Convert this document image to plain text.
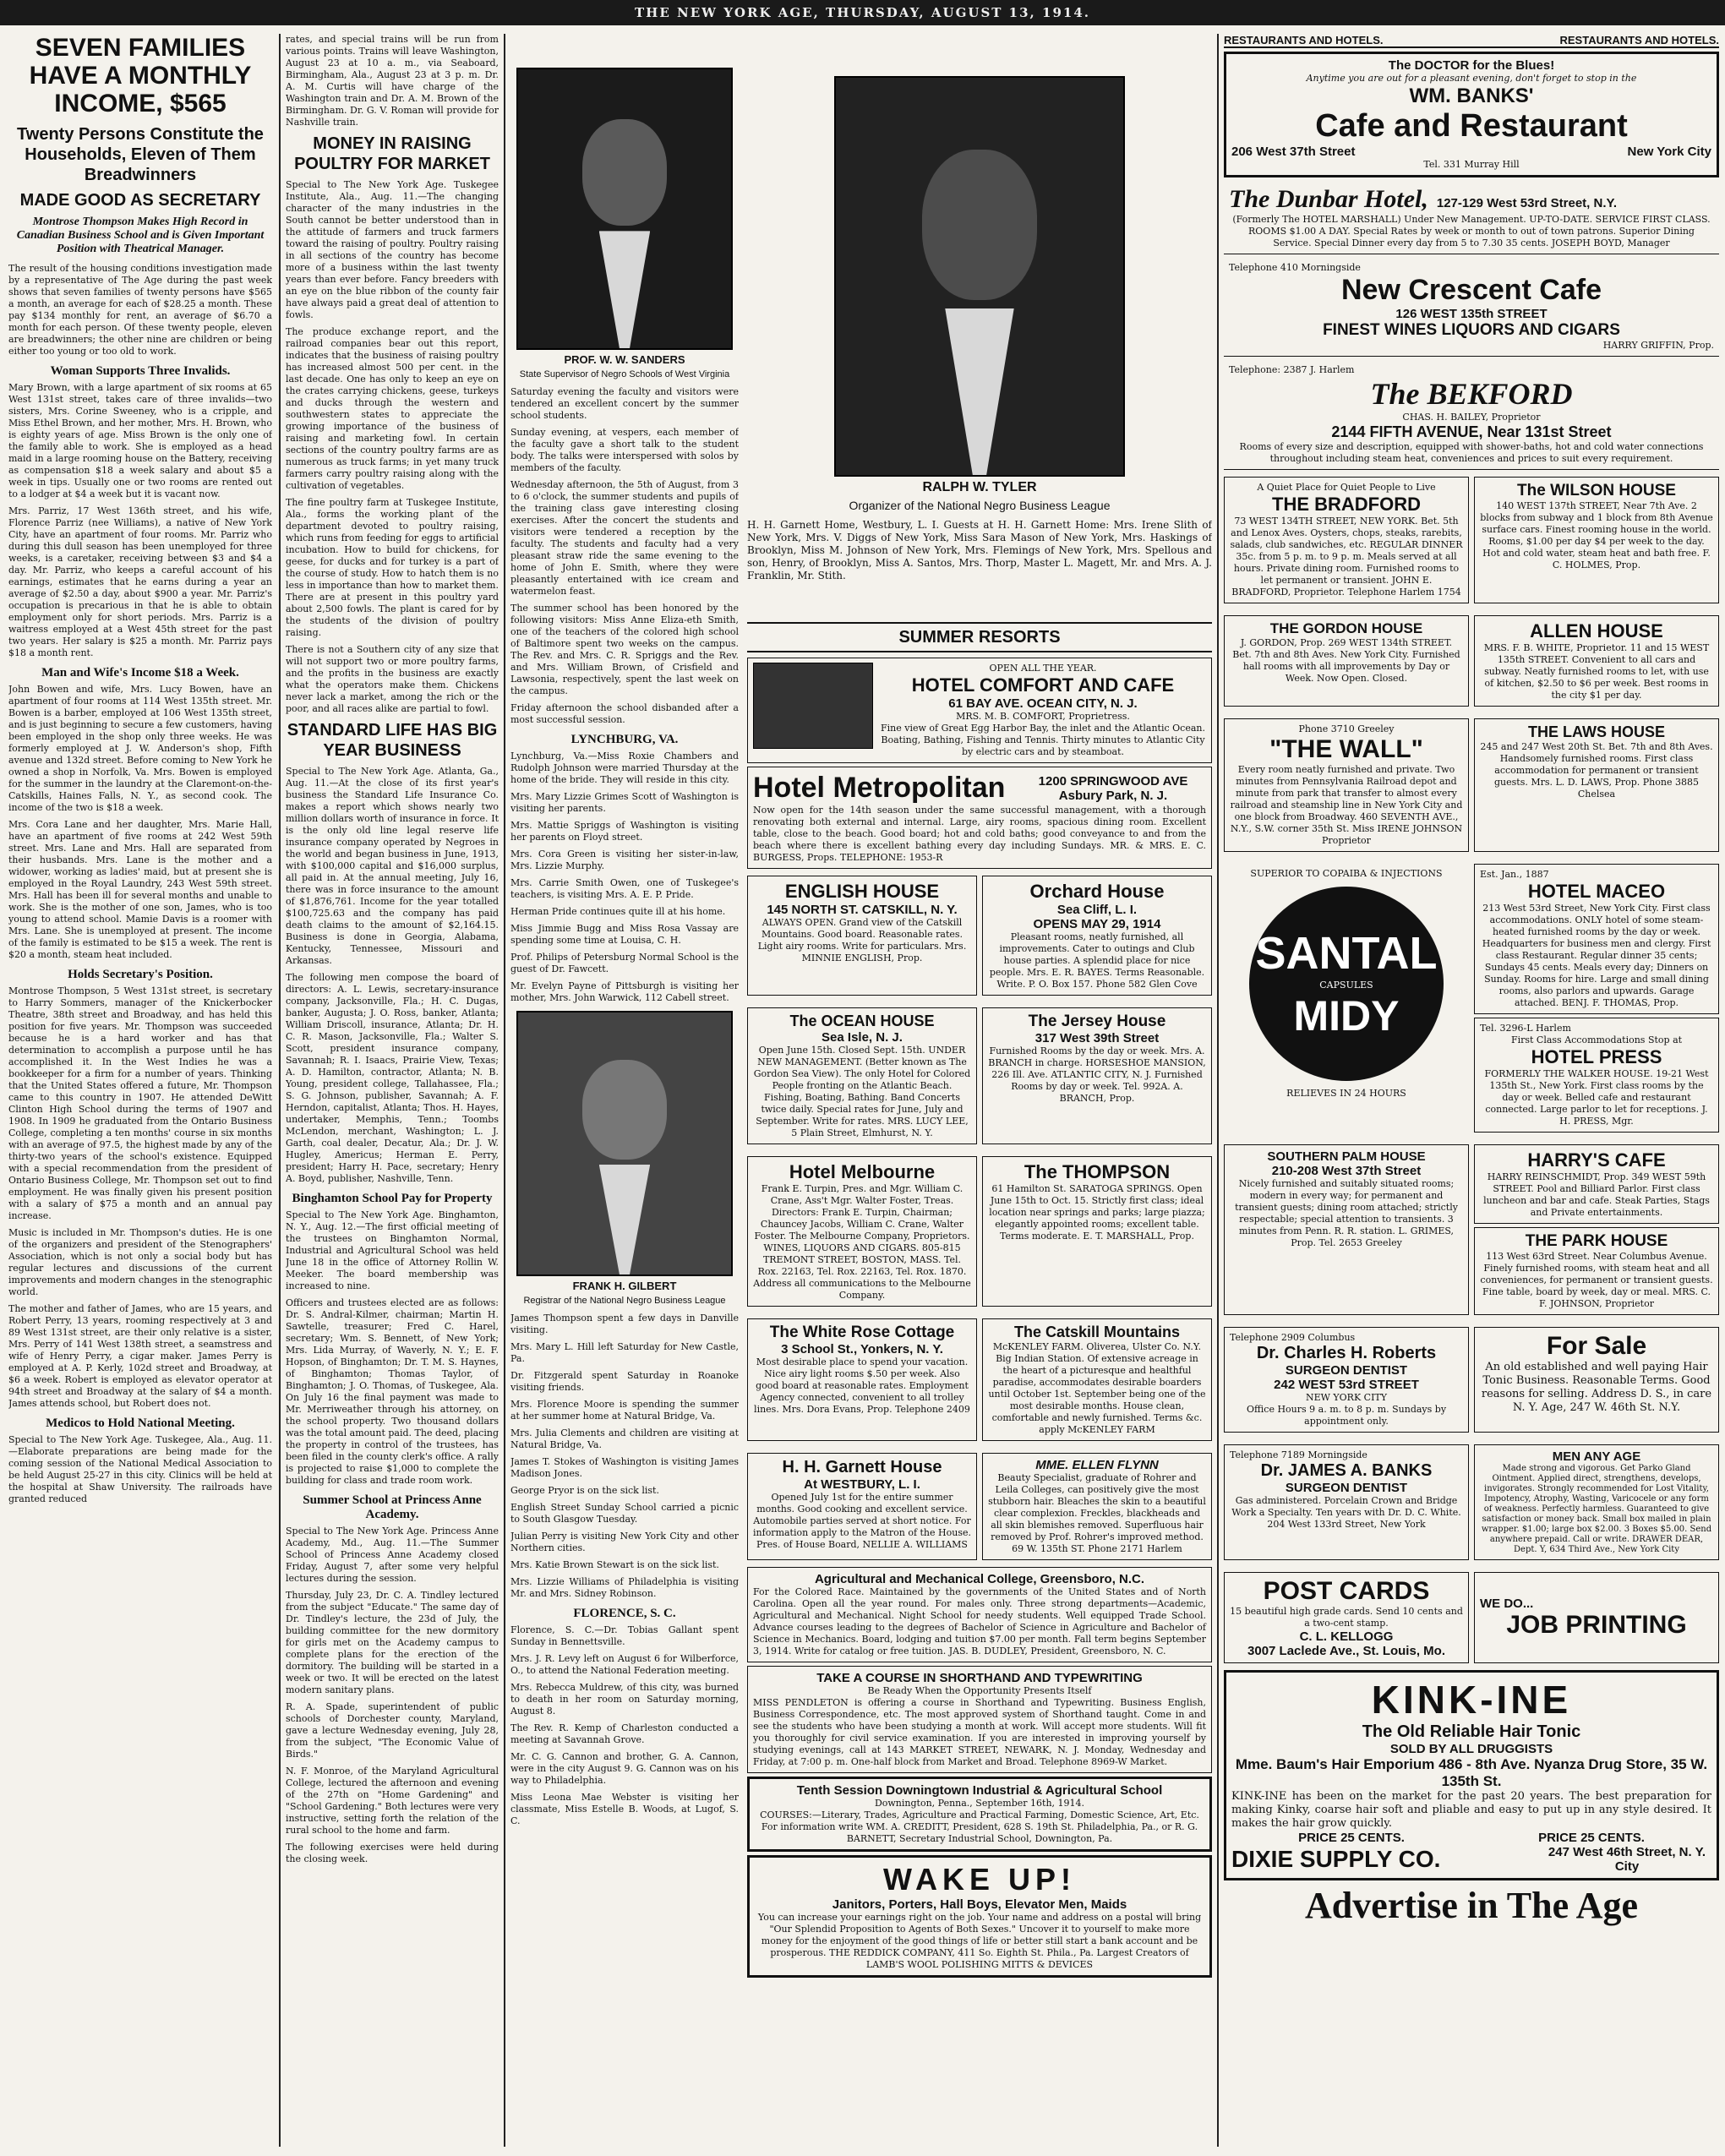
THE NEW YORK AGE, THURSDAY, AUGUST 13, 1914.
SEVEN FAMILIES HAVE A MONTHLY INCOME, $565
Twenty Persons Constitute the Households, Eleven of Them Breadwinners
MADE GOOD AS SECRETARY
Montrose Thompson Makes High Record in Canadian Business School and is Given Important Position with Theatrical Manager.

The result of the housing conditions investigation made by a representative of The Age during the past week shows that seven families of twenty persons have $565 a month, an average for each of $28.25 a month. These pay $134 monthly for rent, an average of $6.70 a month for each person. Of these twenty people, eleven are breadwinners; the other nine are children or being either too young or too old to work.

Woman Supports Three Invalids.

Mary Brown, with a large apartment of six rooms at 65 West 131st street, takes care of three invalids—two sisters, Mrs. Corine Sweeney, who is a cripple, and Miss Ethel Brown, and her mother, Mrs. H. Brown, who is eighty years of age. Miss Brown is the only one of the family able to work. She is employed as a head maid in a large rooming house on the Battery, receiving as compensation $18 a week salary and about $5 a week in tips. Usually one or two rooms are rented out to a lodger at $4 a week but it is vacant now.

Mrs. Parriz, 17 West 136th street, and his wife, Florence Parriz (nee Williams), a native of New York City, have an apartment of four rooms. Mr. Parriz who during this dull season has been unemployed for three weeks, is a caretaker, receiving between $3 and $4 a day. Mr. Parriz, who keeps a careful account of his earnings, estimates that he earns during a year an average of $2.50 a day, about $900 a year. Mr. Parriz's occupation is precarious in that he is able to obtain employment only for short periods. Mrs. Parriz is a waitress employed at a West 45th street for the past two years. Her salary is $25 a month. Mr. Parriz pays $18 a month rent.

Man and Wife's Income $18 a Week.

John Bowen and wife, Mrs. Lucy Bowen, have an apartment of four rooms at 114 West 135th street. Mr. Bowen is a barber, employed at 106 West 135th street, and is just beginning to secure a few customers, having been employed in the shop only three weeks. He was formerly employed at J. W. Anderson's shop, Fifth avenue and 132d street. Before coming to New York he owned a shop in Norfolk, Va. Mrs. Bowen is employed for the summer in the laundry at the Claremont-on-the-Catskills, Haines Falls, N. Y., as second cook. The income of the two is $18 a week.

Mrs. Cora Lane and her daughter, Mrs. Marie Hall, have an apartment of five rooms at 242 West 59th street. Mrs. Lane and Mrs. Hall are separated from their husbands. Mrs. Lane is the mother and a widower, working as ladies' maid, but at present she is employed in the Royal Laundry, 243 West 59th street. Mrs. Hall has been ill for several months and unable to work. She is the mother of one son, James, who is too young to attend school. Mamie Davis is a roomer with Mrs. Lane. She is unemployed at present. The income of the family is estimated to be $15 a week. The rent is $20 a month, steam heat included.

Holds Secretary's Position.

Montrose Thompson, 5 West 131st street, is secretary to Harry Sommers, manager of the Knickerbocker Theatre, 38th street and Broadway, and has held this position for five years. Mr. Thompson was succeeded because he is a hard worker and has that determination to accomplish a purpose until he has accomplished it. In the West Indies he was a bookkeeper for a firm for a number of years. Thinking that the United States offered a future, Mr. Thompson came to this country in 1907. He attended DeWitt Clinton High School during the terms of 1907 and 1908. In 1909 he graduated from the Ontario Business College, completing a ten months' course in six months with an average of 97.5, the highest made by any of the thirty-two years of the school's existence. Equipped with a special recommendation from the president of Ontario Business College, Mr. Thompson set out to find employment. He was finally given his present position with a salary of $75 a month and an annual pay increase.

Music is included in Mr. Thompson's duties. He is one of the organizers and president of the Stenographers' Association, which is not only a social body but has regular lectures and discussions of the current improvements and modern changes in the stenographic world.

The mother and father of James, who are 15 years, and Robert Perry, 13 years, rooming respectively at 3 and 89 West 131st street, are their only relative is a sister, Mrs. Perry of 141 West 138th street, a seamstress and wife of Henry Perry, a cigar maker. James Perry is employed at A. P. Kerly, 102d street and Broadway, at $6 a week. Robert is employed as elevator operator at 94th street and Broadway at the salary of $4 a month. James attends school, but Robert does not.

Medicos to Hold National Meeting.

Special to The New York Age. Tuskegee, Ala., Aug. 11.—Elaborate preparations are being made for the coming session of the National Medical Association to be held August 25-27 in this city. Clinics will be held at the hospital at Shaw University. The railroads have granted reduced

rates, and special trains will be run from various points. Trains will leave Washington, August 23 at 10 a. m., via Seaboard, Birmingham, Ala., August 23 at 3 p. m. Dr. A. M. Curtis will have charge of the Washington train and Dr. A. M. Brown of the Birmingham. Dr. G. V. Roman will provide for Nashville train.

MONEY IN RAISING POULTRY FOR MARKET

Special to The New York Age. Tuskegee Institute, Ala., Aug. 11.—The changing character of the many industries in the South cannot be better understood than in the attitude of farmers and truck farmers toward the raising of poultry. Poultry raising in all sections of the country has become more of a business within the last twenty years than ever before. Fancy breeders with an eye on the blue ribbon of the county fair have always paid a great deal of attention to fowls.

The produce exchange report, and the railroad companies bear out this report, indicates that the business of raising poultry has increased almost 500 per cent. in the last decade. One has only to keep an eye on the crates carrying chickens, geese, turkeys and ducks through the western and southwestern states to appreciate the growing importance of the business of raising and marketing fowl. In certain sections of the country poultry farms are as numerous as truck farms; in yet many truck farmers carry poultry raising along with the cultivation of vegetables.

The fine poultry farm at Tuskegee Institute, Ala., forms the working plant of the department devoted to poultry raising, which runs from feeding for eggs to artificial incubation. How to build for chickens, for geese, for ducks and for turkey is a part of the course of study. How to hatch them is no less in importance than how to market them. There are at present in this poultry yard about 2,500 fowls. The plant is cared for by the students of the division of poultry raising.

There is not a Southern city of any size that will not support two or more poultry farms, and the profits in the business are exactly what the operators make them. Chickens never lack a market, among the rich or the poor, and all races alike are partial to fowl.

STANDARD LIFE HAS BIG YEAR BUSINESS

Special to The New York Age. Atlanta, Ga., Aug. 11.—At the close of its first year's business the Standard Life Insurance Co. makes a report which shows nearly two million dollars worth of insurance in force. It is the only old line legal reserve life insurance company operated by Negroes in the world and began business in June, 1913, with $100,000 capital and $16,000 surplus, all paid in. At the annual meeting, July 16, there was in force insurance to the amount of $1,876,761. Income for the year totalled $100,725.63 and the company has paid death claims to the amount of $2,164.15. Business is done in Georgia, Alabama, Kentucky, Tennessee, Missouri and Arkansas.

The following men compose the board of directors: A. L. Lewis, secretary-insurance company, Jacksonville, Fla.; H. C. Dugas, banker, Augusta; J. O. Ross, banker, Atlanta; William Driscoll, insurance, Atlanta; Dr. H. C. R. Mason, Jacksonville, Fla.; Walter S. Scott, president insurance company, Savannah; R. I. Isaacs, Prairie View, Texas; A. D. Hamilton, contractor, Atlanta; N. B. Young, president college, Tallahassee, Fla.; S. G. Johnson, publisher, Savannah; A. F. Herndon, capitalist, Atlanta; Thos. H. Hayes, undertaker, Memphis, Tenn.; Toombs McLendon, merchant, Washington; L. J. Garth, coal dealer, Decatur, Ala.; Dr. J. W. Hugley, Americus; Herman E. Perry, president; Harry H. Pace, secretary; Henry A. Boyd, publisher, Nashville, Tenn.

Binghamton School Pay for Property

Special to The New York Age. Binghamton, N. Y., Aug. 12.—The first official meeting of the trustees on Binghamton Normal, Industrial and Agricultural School was held June 18 in the office of Attorney Rollin W. Meeker. The board membership was increased to nine.

Officers and trustees elected are as follows: Dr. S. Andral-Kilmer, chairman; Martin H. Sawtelle, treasurer; Fred C. Harel, secretary; Wm. S. Bennett, of New York; Mrs. Lida Murray, of Waverly, N. Y.; E. F. Hopson, of Binghamton; Dr. T. M. S. Haynes, of Binghamton; Thomas Taylor, of Binghamton; J. O. Thomas, of Tuskegee, Ala. On July 16 the final payment was made to Mr. Merriweather through his attorney, on the school property. Two thousand dollars was the total amount paid. The deed, placing the property in control of the trustees, has been filed in the county clerk's office. A rally is projected to raise $1,000 to complete the building for class and trade room work.

Summer School at Princess Anne Academy.

Special to The New York Age. Princess Anne Academy, Md., Aug. 11.—The Summer School of Princess Anne Academy closed Friday, August 7, after some very helpful lectures during the session.

Thursday, July 23, Dr. C. A. Tindley lectured from the subject "Educate." The same day of Dr. Tindley's lecture, the 23d of July, the building committee for the new dormitory for girls met on the Academy campus to complete plans for the erection of the dormitory. The building will be started in a week or two. It will be erected on the latest modern sanitary plans.

R. A. Spade, superintendent of public schools of Dorchester county, Maryland, gave a lecture Wednesday evening, July 28, from the subject, "The Economic Value of Birds."

N. F. Monroe, of the Maryland Agricultural College, lectured the afternoon and evening of the 27th on "Home Gardening" and "School Gardening." Both lectures were very instructive, setting forth the relation of the rural school to the home and farm.

The following exercises were held during the closing week.

PROF. W. W. SANDERS
State Supervisor of Negro Schools of West Virginia

Saturday evening the faculty and visitors were tendered an excellent concert by the summer school students.

Sunday evening, at vespers, each member of the faculty gave a short talk to the student body. The talks were interspersed with solos by members of the faculty.

Wednesday afternoon, the 5th of August, from 3 to 6 o'clock, the summer students and pupils of the training class gave interesting closing exercises. After the concert the students and visitors were tendered a reception by the faculty. The students and faculty had a very pleasant straw ride the same evening to the home of John E. Smith, where they were pleasantly entertained with ice cream and watermelon feast.

The summer school has been honored by the following visitors: Miss Anne Eliza-eth Smith, one of the teachers of the colored high school of Baltimore spent two weeks on the campus. The Rev. and Mrs. C. R. Spriggs and the Rev. and Mrs. William Brown, of Crisfield and Lawsonia, respectively, spent the last week on the campus.

Friday afternoon the school disbanded after a most successful session.

LYNCHBURG, VA.

Lynchburg, Va.—Miss Roxie Chambers and Rudolph Johnson were married Thursday at the home of the bride. They will reside in this city.

Mrs. Mary Lizzie Grimes Scott of Washington is visiting her parents.

Mrs. Mattie Spriggs of Washington is visiting her parents on Floyd street.

Mrs. Cora Green is visiting her sister-in-law, Mrs. Lizzie Murphy.

Mrs. Carrie Smith Owen, one of Tuskegee's teachers, is visiting Mrs. A. E. P. Pride.

Herman Pride continues quite ill at his home.

Miss Jimmie Bugg and Miss Rosa Vassay are spending some time at Louisa, C. H.

Prof. Philips of Petersburg Normal School is the guest of Dr. Fawcett.

Mr. Evelyn Payne of Pittsburgh is visiting her mother, Mrs. John Warwick, 112 Cabell street.

FRANK H. GILBERT
Registrar of the National Negro Business League

James Thompson spent a few days in Danville visiting.

Mrs. Mary L. Hill left Saturday for New Castle, Pa.

Dr. Fitzgerald spent Saturday in Roanoke visiting friends.

Mrs. Florence Moore is spending the summer at her summer home at Natural Bridge, Va.

Mrs. Julia Clements and children are visiting at Natural Bridge, Va.

James T. Stokes of Washington is visiting James Madison Jones.

George Pryor is on the sick list.

English Street Sunday School carried a picnic to South Glasgow Tuesday.

Julian Perry is visiting New York City and other Northern cities.

Mrs. Katie Brown Stewart is on the sick list.

Mrs. Lizzie Williams of Philadelphia is visiting Mr. and Mrs. Sidney Robinson.

FLORENCE, S. C.

Florence, S. C.—Dr. Tobias Gallant spent Sunday in Bennettsville.

Mrs. J. R. Levy left on August 6 for Wilberforce, O., to attend the National Federation meeting.

Mrs. Rebecca Muldrew, of this city, was burned to death in her room on Saturday morning, August 8.

The Rev. R. Kemp of Charleston conducted a meeting at Savannah Grove.

Mr. C. G. Cannon and brother, G. A. Cannon, were in the city August 9. G. Cannon was on his way to Philadelphia.

Miss Leona Mae Webster is visiting her classmate, Miss Estelle B. Woods, at Lugof, S. C.

RALPH W. TYLER
Organizer of the National Negro Business League

H. H. Garnett Home, Westbury, L. I. Guests at H. H. Garnett Home: Mrs. Irene Slith of New York, Mrs. V. Diggs of New York, Miss Sara Mason of New York, Mrs. Haskings of Brooklyn, Miss M. Johnson of New York, Mrs. Flemings of New York, Mrs. Spellous and son, Henry, of Brooklyn, Miss A. Santos, Mrs. Thorp, Master L. Magett, Mr. and Mrs. A. J. Franklin, Mr. Stith.

SUMMER RESORTS
OPEN ALL THE YEAR.
HOTEL COMFORT AND CAFE
61 BAY AVE. OCEAN CITY, N. J.
MRS. M. B. COMFORT, Proprietress.
Fine view of Great Egg Harbor Bay, the inlet and the Atlantic Ocean. Boating, Bathing, Fishing and Tennis. Thirty minutes to Atlantic City by electric cars and by steamboat.
Hotel Metropolitan	1200 SPRINGWOOD AVE Asbury Park, N. J.
Now open for the 14th season under the same successful management, with a thorough renovating both external and internal. Large, airy rooms, spacious dining room. Excellent table, close to the beach. Good board; hot and cold baths; good conveyance to and from the beach where there is excellent bathing every day including Sundays. MR. & MRS. E. C. BURGESS, Props. TELEPHONE: 1953-R
ENGLISH HOUSE
145 NORTH ST. CATSKILL, N. Y.
ALWAYS OPEN. Grand view of the Catskill Mountains. Good board. Reasonable rates. Light airy rooms. Write for particulars. Mrs. MINNIE ENGLISH, Prop.
Orchard House
Sea Cliff, L. I.
OPENS MAY 29, 1914
Pleasant rooms, neatly furnished, all improvements. Cater to outings and Club house parties. A splendid place for nice people. Mrs. E. R. BAYES. Terms Reasonable. Write. P. O. Box 157. Phone 582 Glen Cove
The OCEAN HOUSE
Sea Isle, N. J.
Open June 15th. Closed Sept. 15th. UNDER NEW MANAGEMENT. (Better known as The Gordon Sea View). The only Hotel for Colored People fronting on the Atlantic Beach. Fishing, Boating, Bathing. Band Concerts twice daily. Special rates for June, July and September. Write for rates. MRS. LUCY LEE, 5 Plain Street, Elmhurst, N. Y.
The Jersey House
317 West 39th Street
Furnished Rooms by the day or week. Mrs. A. BRANCH in charge. HORSESHOE MANSION, 226 Ill. Ave. ATLANTIC CITY, N. J. Furnished Rooms by day or week. Tel. 992A. A. BRANCH, Prop.
Hotel Melbourne
Frank E. Turpin, Pres. and Mgr. William C. Crane, Ass't Mgr. Walter Foster, Treas. Directors: Frank E. Turpin, Chairman; Chauncey Jacobs, William C. Crane, Walter Foster. The Melbourne Company, Proprietors. WINES, LIQUORS AND CIGARS. 805-815 TREMONT STREET, BOSTON, MASS. Tel. Rox. 22163, Tel. Rox. 22163, Tel. Rox. 1870. Address all communications to the Melbourne Company.
The THOMPSON
61 Hamilton St. SARATOGA SPRINGS. Open June 15th to Oct. 15. Strictly first class; ideal location near springs and parks; large piazza; elegantly appointed rooms; excellent table. Terms moderate. E. T. MARSHALL, Prop.
The White Rose Cottage
3 School St., Yonkers, N. Y.
Most desirable place to spend your vacation. Nice airy light rooms $.50 per week. Also good board at reasonable rates. Employment Agency connected, convenient to all trolley lines. Mrs. Dora Evans, Prop. Telephone 2409
The Catskill Mountains
McKENLEY FARM. Oliverea, Ulster Co. N.Y. Big Indian Station. Of extensive acreage in the heart of a picturesque and healthful paradise, accommodates desirable boarders until October 1st. September being one of the most desirable months. House clean, comfortable and newly furnished. Terms &c. apply McKENLEY FARM
H. H. Garnett House
At WESTBURY, L. I.
Opened July 1st for the entire summer months. Good cooking and excellent service. Automobile parties served at short notice. For information apply to the Matron of the House. Pres. of House Board, NELLIE A. WILLIAMS
MME. ELLEN FLYNN
Beauty Specialist, graduate of Rohrer and Leila Colleges, can positively give the most stubborn hair. Bleaches the skin to a beautiful clear complexion. Freckles, blackheads and all skin blemishes removed. Superfluous hair removed by Prof. Rohrer's improved method. 69 W. 135th ST. Phone 2171 Harlem
Agricultural and Mechanical College, Greensboro, N.C.
For the Colored Race. Maintained by the governments of the United States and of North Carolina. Open all the year round. For males only. Three strong departments—Academic, Agricultural and Mechanical. Night School for needy students. Well equipped Trade School. Advance courses leading to the degrees of Bachelor of Science in Agriculture and Bachelor of Science in Mechanics. Board, lodging and tuition $7.00 per month. Fall term begins September 3, 1914. Write for catalog or free tuition. JAS. B. DUDLEY, President, Greensboro, N. C.
TAKE A COURSE IN SHORTHAND AND TYPEWRITING
Be Ready When the Opportunity Presents Itself
MISS PENDLETON is offering a course in Shorthand and Typewriting. Business English, Business Correspondence, etc. The most approved system of Shorthand taught. Come in and see the students who have been studying a month at work. Will accept more students. Will fit you thoroughly for civil service examination. If you are interested in improving yourself by studying evenings, call at 143 MARKET STREET, NEWARK, N. J. Monday, Wednesday and Friday, at 7:00 p. m. One-half block from Market and Broad. Telephone 8969-W Market.
Tenth Session Downingtown Industrial & Agricultural School
Downington, Penna., September 16th, 1914.
COURSES:—Literary, Trades, Agriculture and Practical Farming, Domestic Science, Art, Etc. For information write WM. A. CREDITT, President, 628 S. 19th St. Philadelphia, Pa., or R. G. BARNETT, Secretary Industrial School, Downington, Pa.
WAKE UP!
Janitors, Porters, Hall Boys, Elevator Men, Maids
You can increase your earnings right on the job. Your name and address on a postal will bring "Our Splendid Proposition to Agents of Both Sexes." Uncover it to yourself to make more money for the enjoyment of the good things of life or better still start a bank account and be prosperous. THE REDDICK COMPANY, 411 So. Eighth St. Phila., Pa. Largest Creators of LAMB'S WOOL POLISHING MITTS & DEVICES
RESTAURANTS AND HOTELS.	RESTAURANTS AND HOTELS.
The DOCTOR for the Blues!
Anytime you are out for a pleasant evening, don't forget to stop in the
WM. BANKS'
Cafe and Restaurant
206 West 37th Street	New York City
Tel. 331 Murray Hill
The Dunbar Hotel, 127-129 West 53rd Street, N.Y.
(Formerly The HOTEL MARSHALL) Under New Management. UP-TO-DATE. SERVICE FIRST CLASS. ROOMS $1.00 A DAY. Special Rates by week or month to out of town patrons. Superior Dining Service. Special Dinner every day from 5 to 7.30 35 cents. JOSEPH BOYD, Manager
Telephone 410 Morningside
New Crescent Cafe
126 WEST 135th STREET
FINEST WINES LIQUORS AND CIGARS
HARRY GRIFFIN, Prop.
Telephone: 2387 J. Harlem
The BEKFORD
CHAS. H. BAILEY, Proprietor
2144 FIFTH AVENUE, Near 131st Street
Rooms of every size and description, equipped with shower-baths, hot and cold water connections throughout including steam heat, conveniences and prices to suit every requirement.
A Quiet Place for Quiet People to Live
THE BRADFORD
73 WEST 134TH STREET, NEW YORK. Bet. 5th and Lenox Aves. Oysters, chops, steaks, rarebits, salads, club sandwiches, etc. REGULAR DINNER 35c. from 5 p. m. to 9 p. m. Meals served at all hours. Private dining room. Furnished rooms to let permanent or transient. JOHN E. BRADFORD, Proprietor. Telephone Harlem 1754
The WILSON HOUSE
140 WEST 137th STREET, Near 7th Ave. 2 blocks from subway and 1 block from 8th Avenue surface cars. Finest rooming house in the world. Rooms, $1.00 per day $4 per week to the day. Hot and cold water, steam heat and bath free. F. C. HOLMES, Prop.
THE GORDON HOUSE
J. GORDON, Prop. 269 WEST 134th STREET. Bet. 7th and 8th Aves. New York City. Furnished hall rooms with all improvements by Day or Week. Now Open. Closed.
ALLEN HOUSE
MRS. F. B. WHITE, Proprietor. 11 and 15 WEST 135th STREET. Convenient to all cars and subway. Neatly furnished rooms to let, with use of kitchen, $2.50 to $6 per week. Best rooms in the city $1 per day.
Phone 3710 Greeley
"THE WALL"
Every room neatly furnished and private. Two minutes from Pennsylvania Railroad depot and minute from park that transfer to almost every railroad and steamship line in New York City and one block from Broadway. 460 SEVENTH AVE., N.Y., S.W. corner 35th St. Miss IRENE JOHNSON Proprietor
THE LAWS HOUSE
245 and 247 West 20th St. Bet. 7th and 8th Aves. Handsomely furnished rooms. First class accommodation for permanent or transient guests. Mrs. L. D. LAWS, Prop. Phone 3885 Chelsea
SUPERIOR TO COPAIBA & INJECTIONS
SANTAL
CAPSULES
MIDY
RELIEVES IN 24 HOURS
Est. Jan., 1887
HOTEL MACEO
213 West 53rd Street, New York City. First class accommodations. ONLY hotel of some steam-heated furnished rooms by the day or week. Headquarters for business men and clergy. First class Restaurant. Regular dinner 35 cents; Sundays 45 cents. Meals every day; Dinners on Sunday. Rooms for hire. Large and small dining rooms, also parlors and upwards. Garage attached. BENJ. F. THOMAS, Prop.
Tel. 3296-L Harlem
First Class Accommodations Stop at
HOTEL PRESS
FORMERLY THE WALKER HOUSE. 19-21 West 135th St., New York. First class rooms by the day or week. Belled cafe and restaurant connected. Large parlor to let for receptions. J. H. PRESS, Mgr.
SOUTHERN PALM HOUSE
210-208 West 37th Street
Nicely furnished and suitably situated rooms; modern in every way; for permanent and transient guests; dining room attached; strictly respectable; special attention to transients. 3 minutes from Penn. R. R. station. L. GRIMES, Prop. Tel. 2653 Greeley
HARRY'S CAFE
HARRY REINSCHMIDT, Prop. 349 WEST 59th STREET. Pool and Billiard Parlor. First class luncheon and bar and cafe. Steak Parties, Stags and Private entertainments.
THE PARK HOUSE
113 West 63rd Street. Near Columbus Avenue. Finely furnished rooms, with steam heat and all conveniences, for permanent or transient guests. Fine table, board by week, day or meal. MRS. C. F. JOHNSON, Proprietor
Telephone 2909 Columbus
Dr. Charles H. Roberts
SURGEON DENTIST
242 WEST 53rd STREET
NEW YORK CITY
Office Hours 9 a. m. to 8 p. m. Sundays by appointment only.
For Sale
An old established and well paying Hair Tonic Business. Reasonable Terms. Good reasons for selling. Address D. S., in care N. Y. Age, 247 W. 46th St. N.Y.
Telephone 7189 Morningside
Dr. JAMES A. BANKS
SURGEON DENTIST
Gas administered. Porcelain Crown and Bridge Work a Specialty. Ten years with Dr. D. C. White. 204 West 133rd Street, New York
MEN ANY AGE
Made strong and vigorous. Get Parko Gland Ointment. Applied direct, strengthens, develops, invigorates. Strongly recommended for Lost Vitality, Impotency, Atrophy, Wasting, Varicocele or any form of weakness. Perfectly harmless. Guaranteed to give satisfaction or money back. Small box mailed in plain wrapper. $1.00; large box $2.00. 3 Boxes $5.00. Send anywhere prepaid. Call or write. DRAWER DEAR, Dept. Y, 634 Third Ave., New York City
POST CARDS
15 beautiful high grade cards. Send 10 cents and a two-cent stamp.
C. L. KELLOGG
3007 Laclede Ave., St. Louis, Mo.
WE DO...
JOB PRINTING
KINK-INE
The Old Reliable Hair Tonic
SOLD BY ALL DRUGGISTS
Mme. Baum's Hair Emporium 486 - 8th Ave. Nyanza Drug Store, 35 W. 135th St.
KINK-INE has been on the market for the past 20 years. The best preparation for making Kinky, coarse hair soft and pliable and easy to put up in any style desired. It makes the hair grow quickly.
PRICE 25 CENTS.	PRICE 25 CENTS.
DIXIE SUPPLY CO.	247 West 46th Street, N. Y. City
Advertise in The Age
